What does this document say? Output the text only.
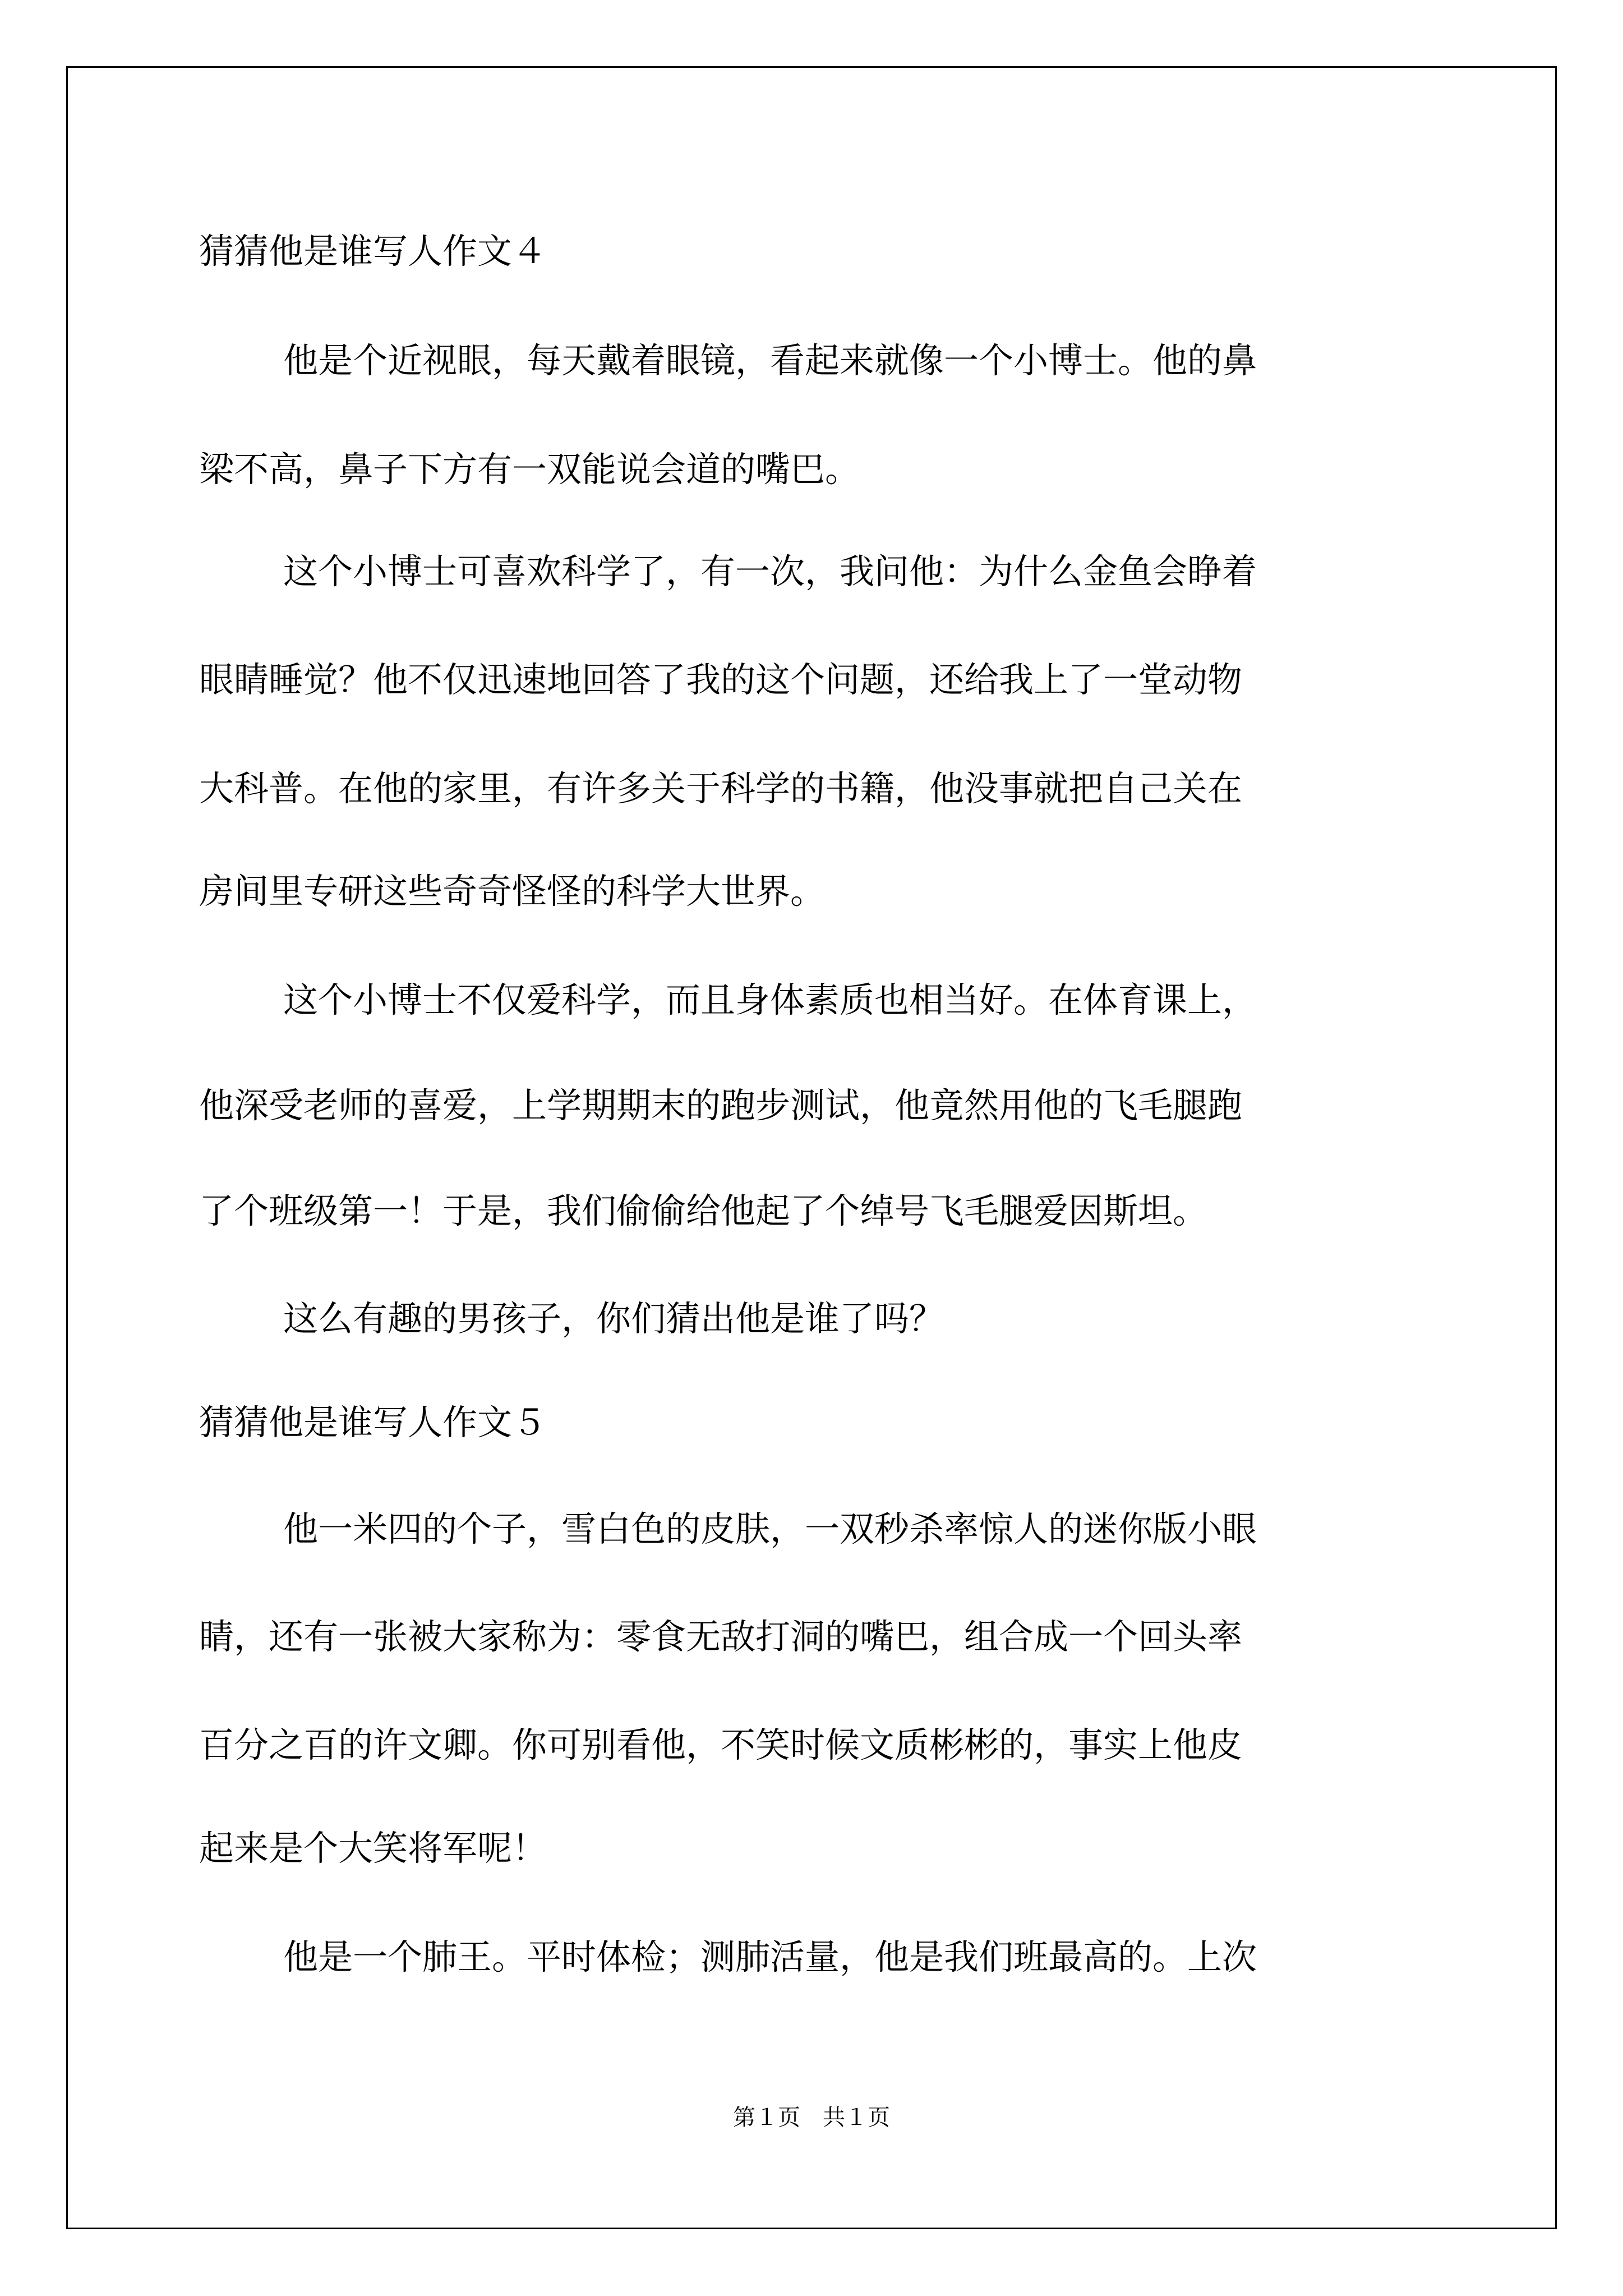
猜猜他是谁写人作文４
他是个近视眼，每天戴着眼镜，看起来就像一个小博士。他的鼻
梁不高，鼻子下方有一双能说会道的嘴巴。
这个小博士可喜欢科学了，有一次，我问他：为什么金鱼会睁着
眼睛睡觉？他不仅迅速地回答了我的这个问题，还给我上了一堂动物
大科普。在他的家里，有许多关于科学的书籍，他没事就把自己关在
房间里专研这些奇奇怪怪的科学大世界。
这个小博士不仅爱科学，而且身体素质也相当好。在体育课上，
他深受老师的喜爱，上学期期末的跑步测试，他竟然用他的飞毛腿跑
了个班级第一！于是，我们偷偷给他起了个绰号飞毛腿爱因斯坦。
这么有趣的男孩子，你们猜出他是谁了吗？
猜猜他是谁写人作文５
他一米四的个子，雪白色的皮肤，一双秒杀率惊人的迷你版小眼
睛，还有一张被大家称为：零食无敌打洞的嘴巴，组合成一个回头率
百分之百的许文卿。你可别看他，不笑时候文质彬彬的，事实上他皮
起来是个大笑将军呢！
他是一个肺王。平时体检；测肺活量，他是我们班最高的。上次
第１页　共１页
